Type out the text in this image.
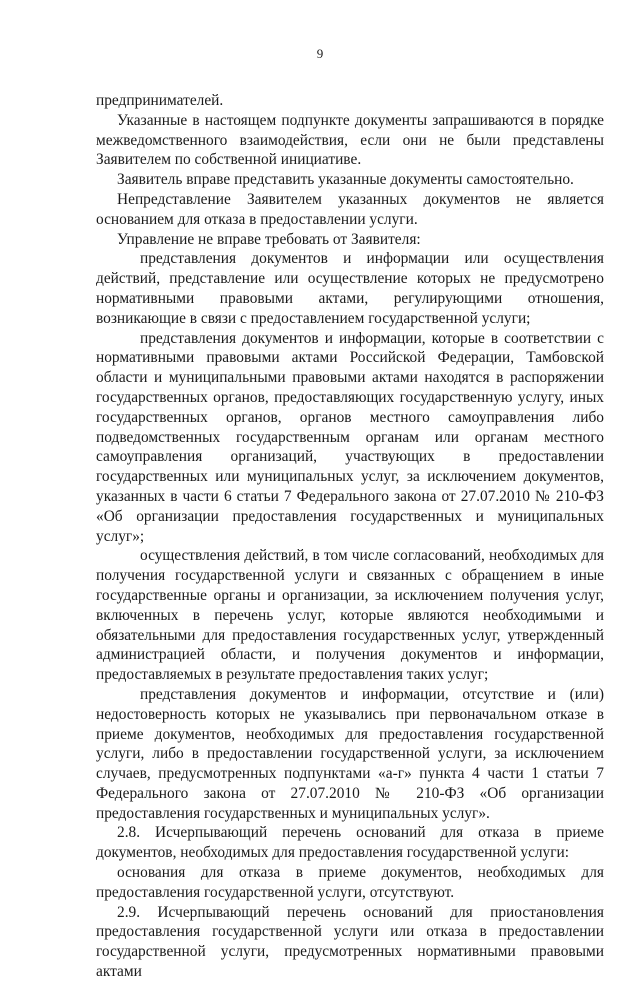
9

предпринимателей.

Указанные в настоящем подпункте документы запрашиваются в порядке межведомственного взаимодействия, если они не были представлены Заявителем по собственной инициативе.

Заявитель вправе представить указанные документы самостоятельно.

Непредставление Заявителем указанных документов не является основанием для отказа в предоставлении услуги.

Управление не вправе требовать от Заявителя:

представления документов и информации или осуществления действий, представление или осуществление которых не предусмотрено нормативными правовыми актами, регулирующими отношения, возникающие в связи с предоставлением государственной услуги;

представления документов и информации, которые в соответствии с нормативными правовыми актами Российской Федерации, Тамбовской области и муниципальными правовыми актами находятся в распоряжении государственных органов, предоставляющих государственную услугу, иных государственных органов, органов местного самоуправления либо подведомственных государственным органам или органам местного самоуправления организаций, участвующих в предоставлении государственных или муниципальных услуг, за исключением документов, указанных в части 6 статьи 7 Федерального закона от 27.07.2010 № 210-ФЗ «Об организации предоставления государственных и муниципальных услуг»;

осуществления действий, в том числе согласований, необходимых для получения государственной услуги и связанных с обращением в иные государственные органы и организации, за исключением получения услуг, включенных в перечень услуг, которые являются необходимыми и обязательными для предоставления государственных услуг, утвержденный администрацией области, и получения документов и информации, предоставляемых в результате предоставления таких услуг;

представления документов и информации, отсутствие и (или) недостоверность которых не указывались при первоначальном отказе в приеме документов, необходимых для предоставления государственной услуги, либо в предоставлении государственной услуги, за исключением случаев, предусмотренных подпунктами «а-г» пункта 4 части 1 статьи 7 Федерального закона от 27.07.2010 № 210-ФЗ «Об организации предоставления государственных и муниципальных услуг».

2.8. Исчерпывающий перечень оснований для отказа в приеме документов, необходимых для предоставления государственной услуги:

основания для отказа в приеме документов, необходимых для предоставления государственной услуги, отсутствуют.

2.9. Исчерпывающий перечень оснований для приостановления предоставления государственной услуги или отказа в предоставлении государственной услуги, предусмотренных нормативными правовыми актами
